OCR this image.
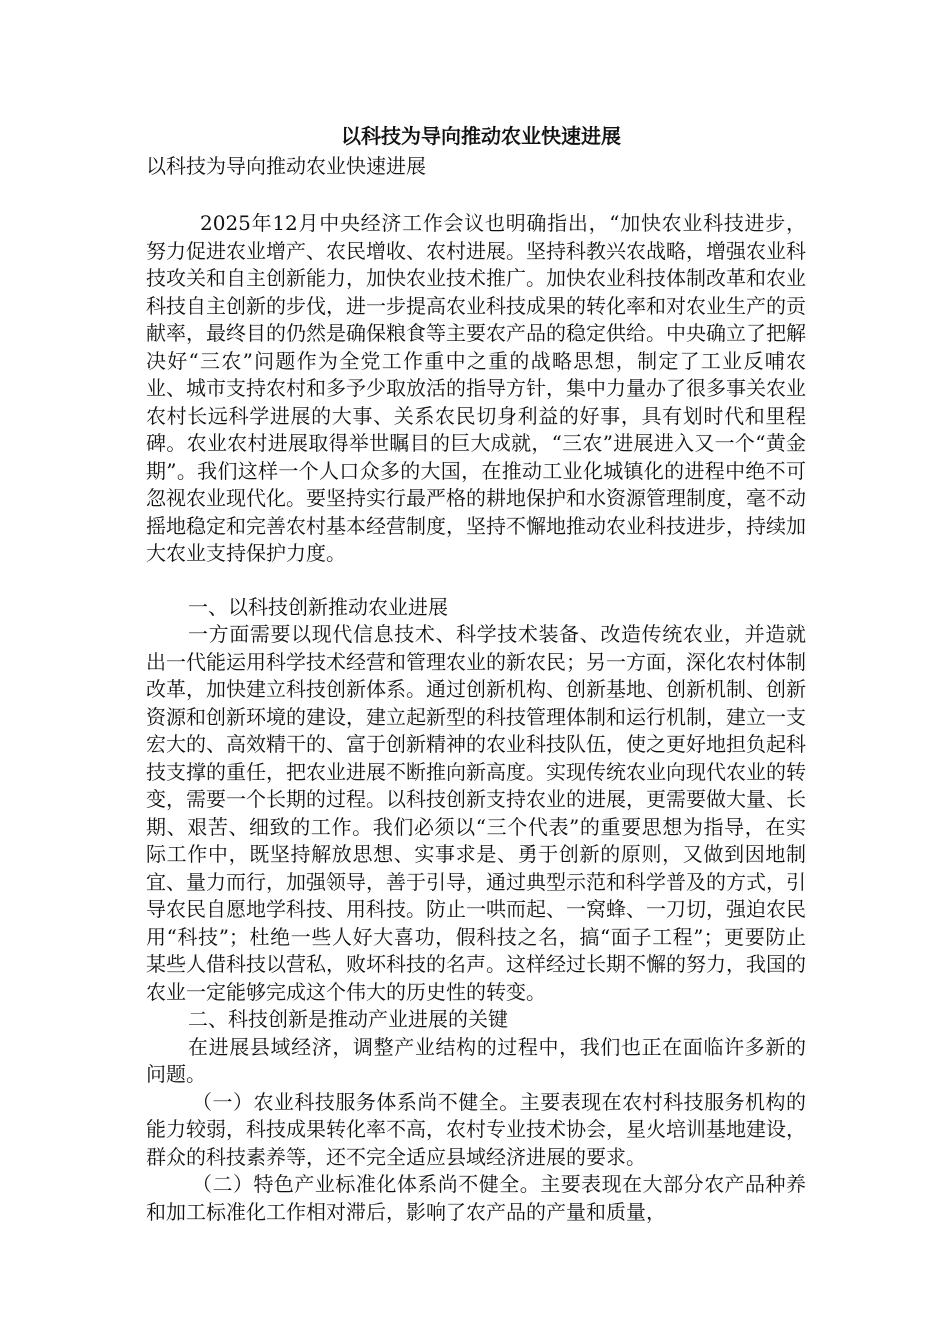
以科技为导向推动农业快速进展
以科技为导向推动农业快速进展

2025年12月中央经济工作会议也明确指出，“加快农业科技进步，努力促进农业增产、农民增收、农村进展。坚持科教兴农战略，增强农业科技攻关和自主创新能力，加快农业技术推广。加快农业科技体制改革和农业科技自主创新的步伐，进一步提高农业科技成果的转化率和对农业生产的贡献率，最终目的仍然是确保粮食等主要农产品的稳定供给。中央确立了把解决好“三农”问题作为全党工作重中之重的战略思想，制定了工业反哺农业、城市支持农村和多予少取放活的指导方针，集中力量办了很多事关农业农村长远科学进展的大事、关系农民切身利益的好事，具有划时代和里程碑。农业农村进展取得举世瞩目的巨大成就，“三农”进展进入又一个“黄金期”。我们这样一个人口众多的大国，在推动工业化城镇化的进程中绝不可忽视农业现代化。要坚持实行最严格的耕地保护和水资源管理制度，毫不动摇地稳定和完善农村基本经营制度，坚持不懈地推动农业科技进步，持续加大农业支持保护力度。

一、以科技创新推动农业进展

一方面需要以现代信息技术、科学技术装备、改造传统农业，并造就出一代能运用科学技术经营和管理农业的新农民；另一方面，深化农村体制改革，加快建立科技创新体系。通过创新机构、创新基地、创新机制、创新资源和创新环境的建设，建立起新型的科技管理体制和运行机制，建立一支宏大的、高效精干的、富于创新精神的农业科技队伍，使之更好地担负起科技支撑的重任，把农业进展不断推向新高度。实现传统农业向现代农业的转变，需要一个长期的过程。以科技创新支持农业的进展，更需要做大量、长期、艰苦、细致的工作。我们必须以“三个代表”的重要思想为指导，在实际工作中，既坚持解放思想、实事求是、勇于创新的原则，又做到因地制宜、量力而行，加强领导，善于引导，通过典型示范和科学普及的方式，引导农民自愿地学科技、用科技。防止一哄而起、一窝蜂、一刀切，强迫农民用“科技”；杜绝一些人好大喜功，假科技之名，搞“面子工程”；更要防止某些人借科技以营私，败坏科技的名声。这样经过长期不懈的努力，我国的农业一定能够完成这个伟大的历史性的转变。

二、科技创新是推动产业进展的关键

在进展县域经济，调整产业结构的过程中，我们也正在面临许多新的问题。

（一）农业科技服务体系尚不健全。主要表现在农村科技服务机构的能力较弱，科技成果转化率不高，农村专业技术协会，星火培训基地建设，群众的科技素养等，还不完全适应县域经济进展的要求。

（二）特色产业标准化体系尚不健全。主要表现在大部分农产品种养和加工标准化工作相对滞后，影响了农产品的产量和质量，
